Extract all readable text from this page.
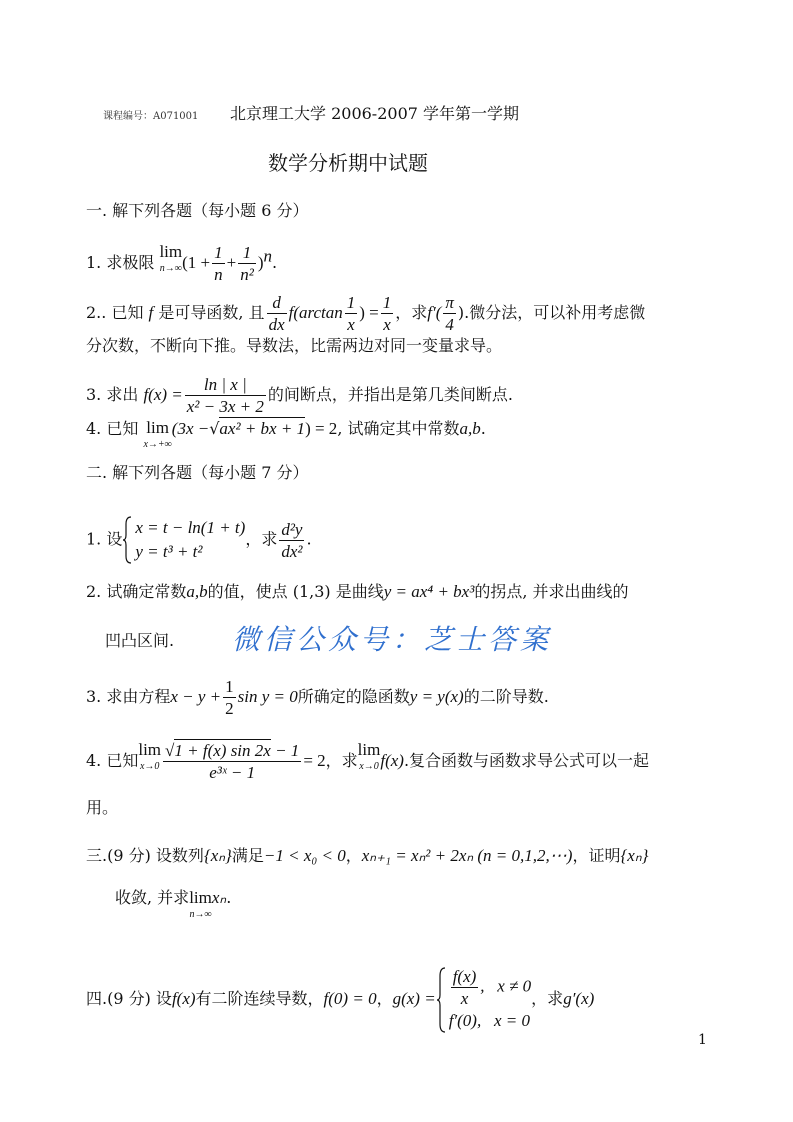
课程编号：A071001 北京理工大学 2006-2007 学年第一学期
数学分析期中试题
一. 解下列各题（每小题 6 分）
1. 求极限
lim
n→∞ $(1 + \frac{1}{n} + \frac{1}{\text{n²}} )^n$.
2.. 已知 f 是可导函数, 且 $\frac{d}{dx} f(\arctan \frac{1}{x}$ ) = $\frac{1}{x}$ ，求$f'( \frac{\pi}{4}$ ).微分法，可以补用考虑微
分次数，不断向下推。导数法，比需两边对同一变量求导。
3. 求出 $f(x) = \frac{\ln | x |}{\text{x² − 3x + 2}}$ 的间断点，并指出是第几类间断点.
4. 已知 lim
x→+∞
(3x −√ax² + bx + 1) = 2, 试确定其中常数a,b.
二. 解下列各题（每小题 7 分）
1. 设
x = t − ln(1 + t)
y = t³ + t²
，求 $\frac{\text{d²y}}{\text{dx²}}$ .
2. 试确定常数a,b的值，使点 (1,3) 是曲线y = ax⁴ + bx³的拐点, 并求出曲线的
凹凸区间. 微信公众号：芝士答案
3. 求由方程$x - y + \frac{1}{2}$ sin y = 0所确定的隐函数y = y(x)的二阶导数.
4. 已知
lim
$x\to 0 \frac{√1 + f(x) \sin 2x - 1}{\text{e³ˣ − 1}} = 2$，求
lim
x→0 f(x).复合函数与函数求导公式可以一起
用。
三.(9 分) 设数列{xₙ}满足−1 < x₀ < 0，xₙ₊₁ = xₙ² + 2xₙ (n = 0,1,2,⋯)，证明{xₙ}
收敛, 并求 lim
n→∞
xₙ.
四.(9 分) 设f(x)有二阶连续导数，f(0) = 0，$g(x) = \frac{f(x)}{x}$ ,   x ≠ 0
f′(0), x = 0
，求g′(x)
1
